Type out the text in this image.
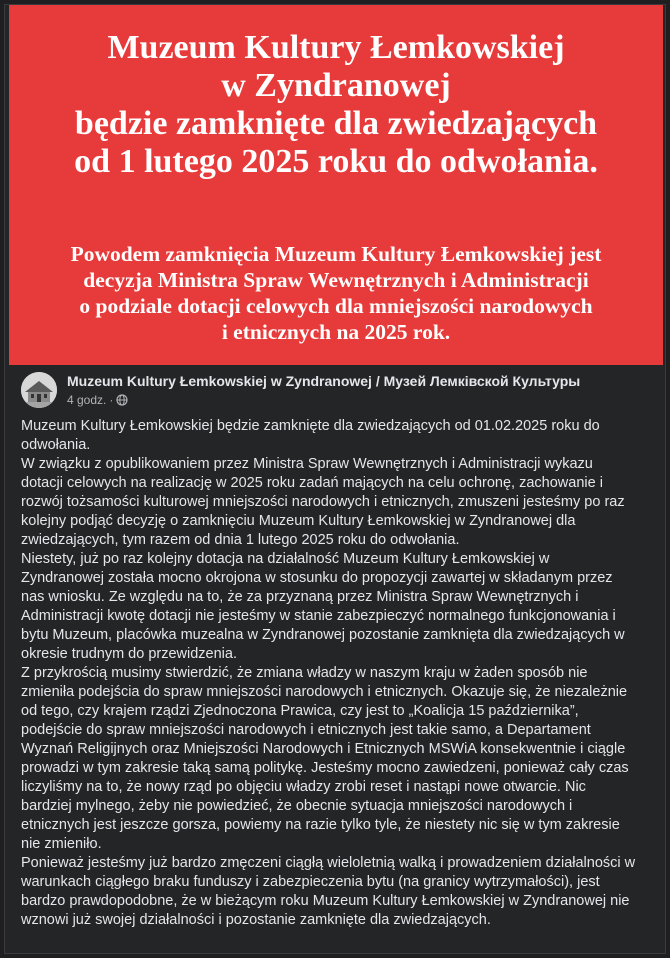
Muzeum Kultury Łemkowskiej
w Zyndranowej
będzie zamknięte dla zwiedzających
od 1 lutego 2025 roku do odwołania.
Powodem zamknięcia Muzeum Kultury Łemkowskiej jest
decyzja Ministra Spraw Wewnętrznych i Administracji
o podziale dotacji celowych dla mniejszości narodowych
i etnicznych na 2025 rok.
Muzeum Kultury Łemkowskiej w Zyndranowej / Музей Лемківской Культуры
4 godz. ·
Muzeum Kultury Łemkowskiej będzie zamknięte dla zwiedzających od 01.02.2025 roku do
odwołania.
W związku z opublikowaniem przez Ministra Spraw Wewnętrznych i Administracji wykazu
dotacji celowych na realizację w 2025 roku zadań mających na celu ochronę, zachowanie i
rozwój tożsamości kulturowej mniejszości narodowych i etnicznych, zmuszeni jesteśmy po raz
kolejny podjąć decyzję o zamknięciu Muzeum Kultury Łemkowskiej w Zyndranowej dla
zwiedzających, tym razem od dnia 1 lutego 2025 roku do odwołania.
Niestety, już po raz kolejny dotacja na działalność Muzeum Kultury Łemkowskiej w
Zyndranowej została mocno okrojona w stosunku do propozycji zawartej w składanym przez
nas wniosku. Ze względu na to, że za przyznaną przez Ministra Spraw Wewnętrznych i
Administracji kwotę dotacji nie jesteśmy w stanie zabezpieczyć normalnego funkcjonowania i
bytu Muzeum, placówka muzealna w Zyndranowej pozostanie zamknięta dla zwiedzających w
okresie trudnym do przewidzenia.
Z przykrością musimy stwierdzić, że zmiana władzy w naszym kraju w żaden sposób nie
zmieniła podejścia do spraw mniejszości narodowych i etnicznych. Okazuje się, że niezależnie
od tego, czy krajem rządzi Zjednoczona Prawica, czy jest to „Koalicja 15 października”,
podejście do spraw mniejszości narodowych i etnicznych jest takie samo, a Departament
Wyznań Religijnych oraz Mniejszości Narodowych i Etnicznych MSWiA konsekwentnie i ciągle
prowadzi w tym zakresie taką samą politykę. Jesteśmy mocno zawiedzeni, ponieważ cały czas
liczyliśmy na to, że nowy rząd po objęciu władzy zrobi reset i nastąpi nowe otwarcie. Nic
bardziej mylnego, żeby nie powiedzieć, że obecnie sytuacja mniejszości narodowych i
etnicznych jest jeszcze gorsza, powiemy na razie tylko tyle, że niestety nic się w tym zakresie
nie zmieniło.
Ponieważ jesteśmy już bardzo zmęczeni ciągłą wieloletnią walką i prowadzeniem działalności w
warunkach ciągłego braku funduszy i zabezpieczenia bytu (na granicy wytrzymałości), jest
bardzo prawdopodobne, że w bieżącym roku Muzeum Kultury Łemkowskiej w Zyndranowej nie
wznowi już swojej działalności i pozostanie zamknięte dla zwiedzających.
